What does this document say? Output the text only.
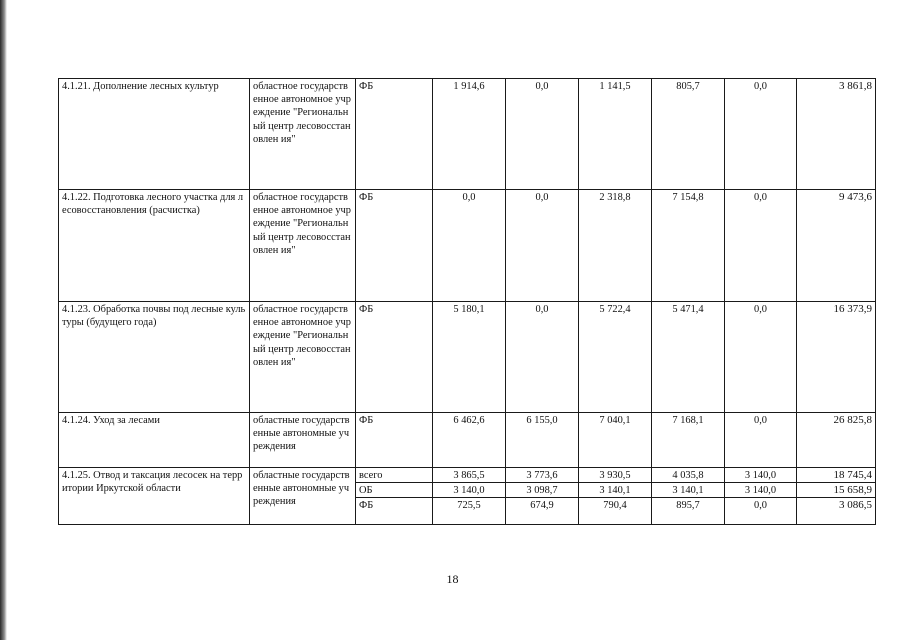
4.1.21. Дополнение лесных культур	областное государственное автономное учреждение "Региональный центр лесовосстановлен ия"	ФБ	1 914,6	0,0	1 141,5	805,7	0,0	3 861,8
4.1.22. Подготовка лесного участка для лесовосстановления (расчистка)	областное государственное автономное учреждение "Региональный центр лесовосстановлен ия"	ФБ	0,0	0,0	2 318,8	7 154,8	0,0	9 473,6
4.1.23. Обработка почвы под лесные культуры (будущего года)	областное государственное автономное учреждение "Региональный центр лесовосстановлен ия"	ФБ	5 180,1	0,0	5 722,4	5 471,4	0,0	16 373,9
4.1.24. Уход за лесами	областные государственные автономные учреждения	ФБ	6 462,6	6 155,0	7 040,1	7 168,1	0,0	26 825,8
4.1.25. Отвод и таксация лесосек на территории Иркутской области	областные государственные автономные учреждения	всего	3 865,5	3 773,6	3 930,5	4 035,8	3 140,0	18 745,4
		ОБ	3 140,0	3 098,7	3 140,1	3 140,1	3 140,0	15 658,9
		ФБ	725,5	674,9	790,4	895,7	0,0	3 086,5
18
